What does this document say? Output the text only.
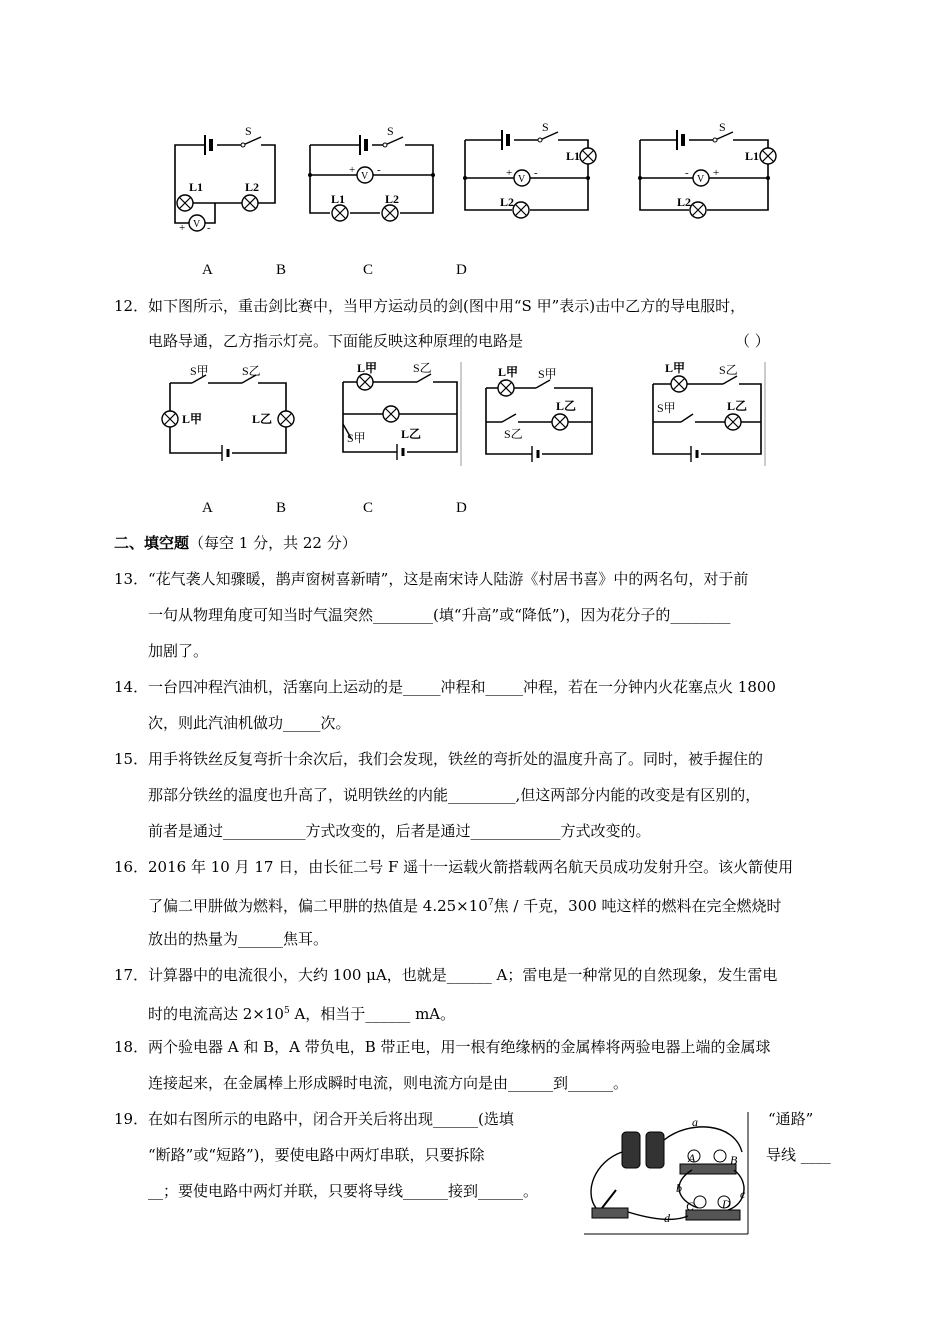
S
L1	L2
V
+ -
S
V
+ -
L1	L2
S
L1
V
+ -
L2
S
L1
V
- +
L2
A	B	C	D
12． 如下图所示，重击剑比赛中，当甲方运动员的剑(图中用“S 甲”表示)击中乙方的导电服时，
电路导通，乙方指示灯亮。下面能反映这种原理的电路是	（ ）
S甲	S乙
L甲	L乙
L甲	S乙
L乙
S甲
L甲 S甲
S乙
L乙
L甲	S乙
S甲	L乙
A	B	C	D
二、填空题（每空 1 分，共 22 分）
13． “花气袭人知骤暖，鹊声窗树喜新晴”，这是南宋诗人陆游《村居书喜》中的两名句，对于前
一句从物理角度可知当时气温突然________(填“升高”或“降低”)，因为花分子的________
加剧了。
14． 一台四冲程汽油机，活塞向上运动的是_____冲程和_____冲程，若在一分钟内火花塞点火 1800
次，则此汽油机做功_____次。
15． 用手将铁丝反复弯折十余次后，我们会发现，铁丝的弯折处的温度升高了。同时，被手握住的
那部分铁丝的温度也升高了，说明铁丝的内能_________,但这两部分内能的改变是有区别的，
前者是通过___________方式改变的，后者是通过____________方式改变的。
16． 2016 年 10 月 17 日，由长征二号 F 遥十一运载火箭搭载两名航天员成功发射升空。该火箭使用
了偏二甲肼做为燃料，偏二甲肼的热值是 $4.25\times 10^7$焦 / 千克，300 吨这样的燃料在完全燃烧时
放出的热量为______焦耳。
17． 计算器中的电流很小，大约 100 μA，也就是______ A；雷电是一种常见的自然现象，发生雷电
时的电流高达 $2\times 10^5$ A，相当于______ mA。
18． 两个验电器 A 和 B，A 带负电，B 带正电，用一根有绝缘柄的金属棒将两验电器上端的金属球
连接起来，在金属棒上形成瞬时电流，则电流方向是由______到______。
19． 在如右图所示的电路中，闭合开关后将出现______(选填	“通路”
“断路”或“短路”)，要使电路中两灯串联，只要拆除	导线 ____
__；要使电路中两灯并联，只要将导线______接到______。
a
A	B
C D
b	c
d
